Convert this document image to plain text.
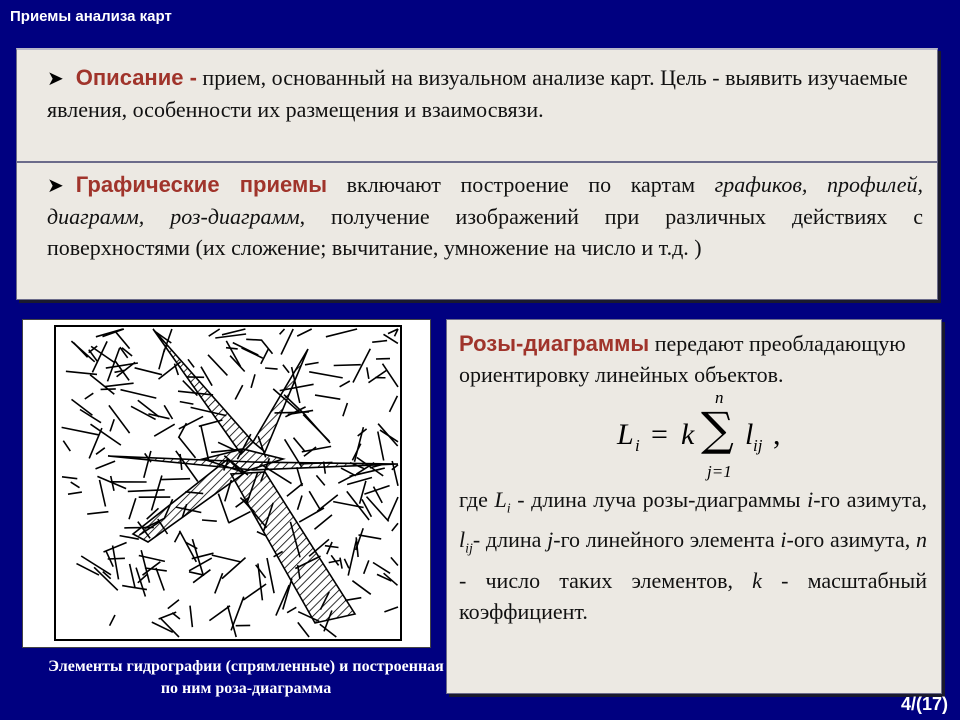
Приемы анализа карт

➤ Описание - прием, основанный на визуальном анализе карт. Цель - выявить изучаемые явления, особенности их размещения и взаимосвязи.

➤ Графические приемы включают построение по картам графиков, профилей, диаграмм, роз-диаграмм, получение изображений при различных действиях с поверхностями (их сложение; вычитание, умножение на число и т.д. )

Элементы гидрографии (спрямленные) и построенная по ним роза-диаграмма

Розы-диаграммы передают преобладающую ориентировку линейных объектов.

L i = k ∑
n
j=1
l ij ,

где $L_i$ - длина луча розы-диаграммы i-го азимута, $l_{ij}-$ длина j-го линейного элемента i-ого азимута, n - число таких элементов, k - масштабный коэффициент.

4/(17)
